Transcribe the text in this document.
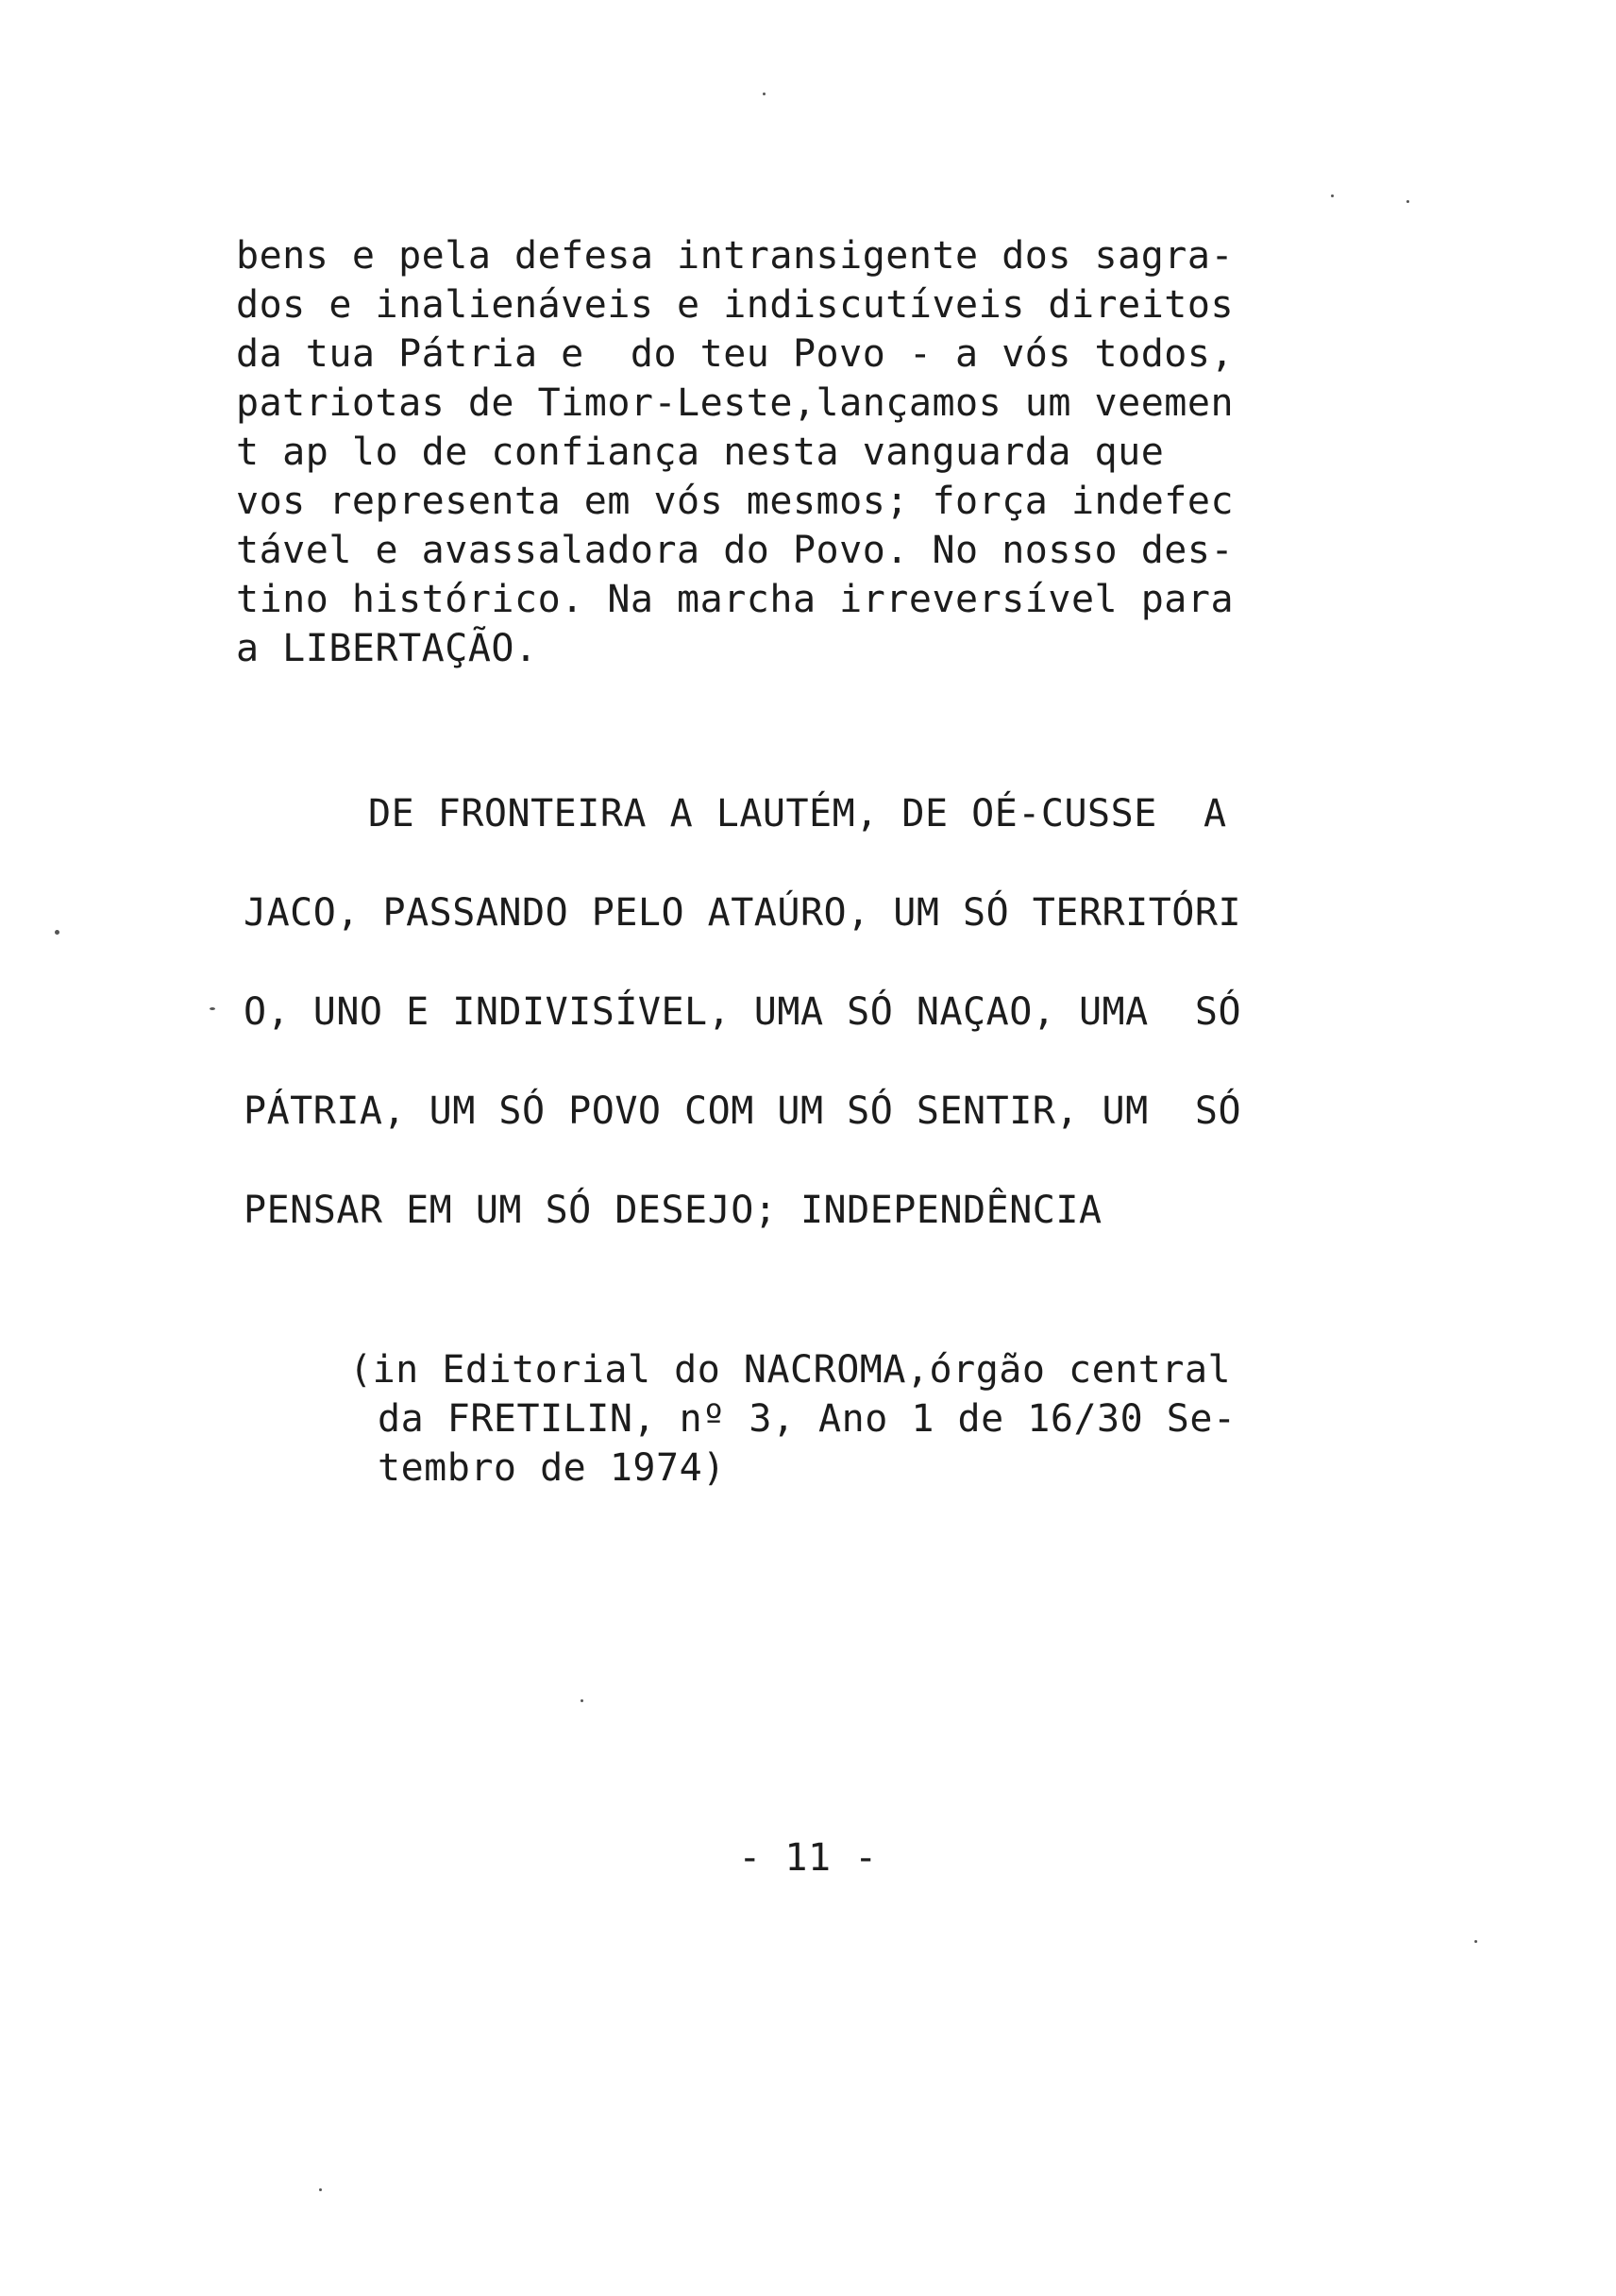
bens e pela defesa intransigente dos sagra-
dos e inalienáveis e indiscutíveis direitos
da tua Pátria e  do teu Povo - a vós todos,
patriotas de Timor-Leste,lançamos um veemen
t ap lo de confiança nesta vanguarda que
vos representa em vós mesmos; força indefec
tável e avassaladora do Povo. No nosso des-
tino histórico. Na marcha irreversível para
a LIBERTAÇÃO.
DE FRONTEIRA A LAUTÉM, DE OÉ-CUSSE  A
JACO, PASSANDO PELO ATAÚRO, UM SÓ TERRITÓRI
O, UNO E INDIVISÍVEL, UMA SÓ NAÇAO, UMA  SÓ
PÁTRIA, UM SÓ POVO COM UM SÓ SENTIR, UM  SÓ
PENSAR EM UM SÓ DESEJO; INDEPENDÊNCIA
(in Editorial do NACROMA,órgão central
da FRETILIN, nº 3, Ano 1 de 16/30 Se-
tembro de 1974)
- 11 -
